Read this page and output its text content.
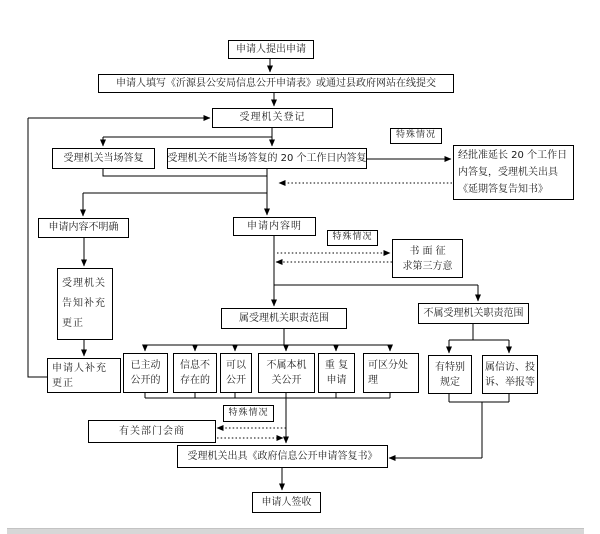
申请人提出申请
申请人填写《沂源县公安局信息公开申请表》或通过县政府网站在线提交
受理机关登记
受理机关当场答复 受理机关不能当场答复的 20 个工作日内答复
特殊情况
经批准延长 20 个工作日
内答复，受理机关出具
《延期答复告知书》
申请内容不明确
受理机关
告知补充
更正
申请人补充
更正
申请内容明
特殊情况
书 面 征
求第三方意
属受理机关职责范围	不属受理机关职责范围
已主动
公开的
信息不
存在的
可以
公开
不属本机
关公开
重 复
申请
可区分处
理
有特别
规定
属信访、投
诉、举报等
特殊情况
有关部门会商
受理机关出具《政府信息公开申请答复书》
申请人签收
